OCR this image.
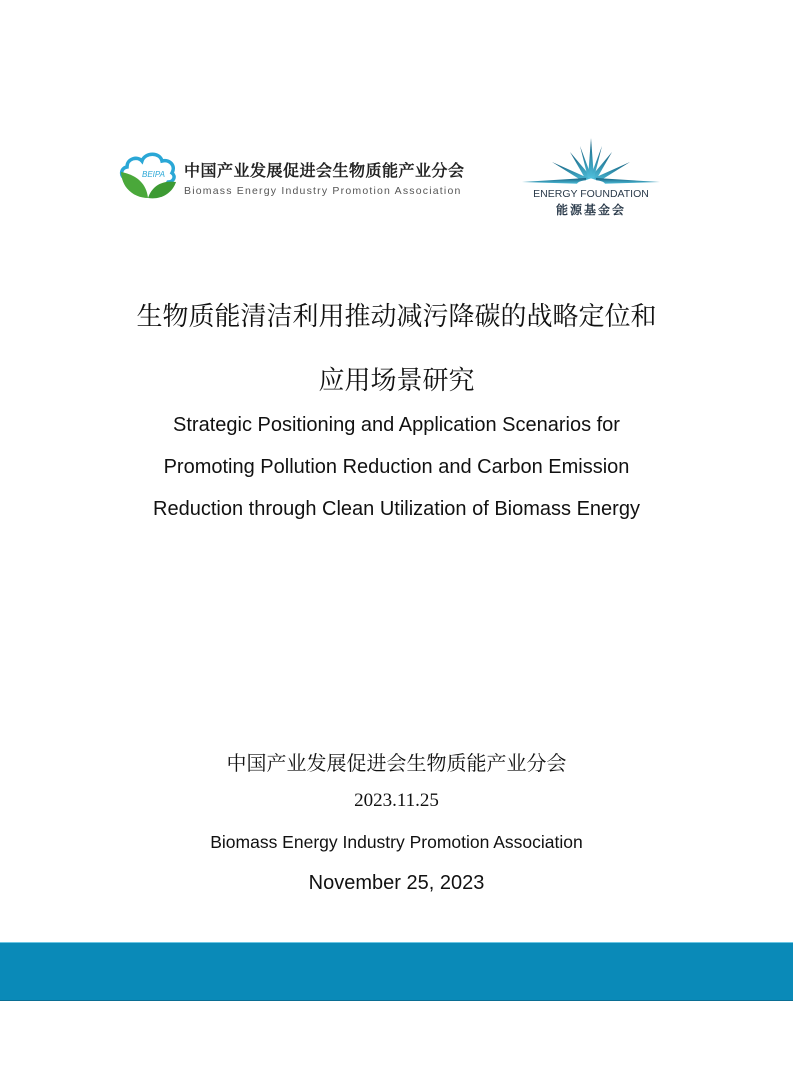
BEIPA 中国产业发展促进会生物质能产业分会
Biomass Energy Industry Promotion Association	ENERGY FOUNDATION
能源基金会
生物质能清洁利用推动减污降碳的战略定位和
应用场景研究
Strategic Positioning and Application Scenarios for
Promoting Pollution Reduction and Carbon Emission
Reduction through Clean Utilization of Biomass Energy
中国产业发展促进会生物质能产业分会
2023.11.25
Biomass Energy Industry Promotion Association
November 25, 2023
